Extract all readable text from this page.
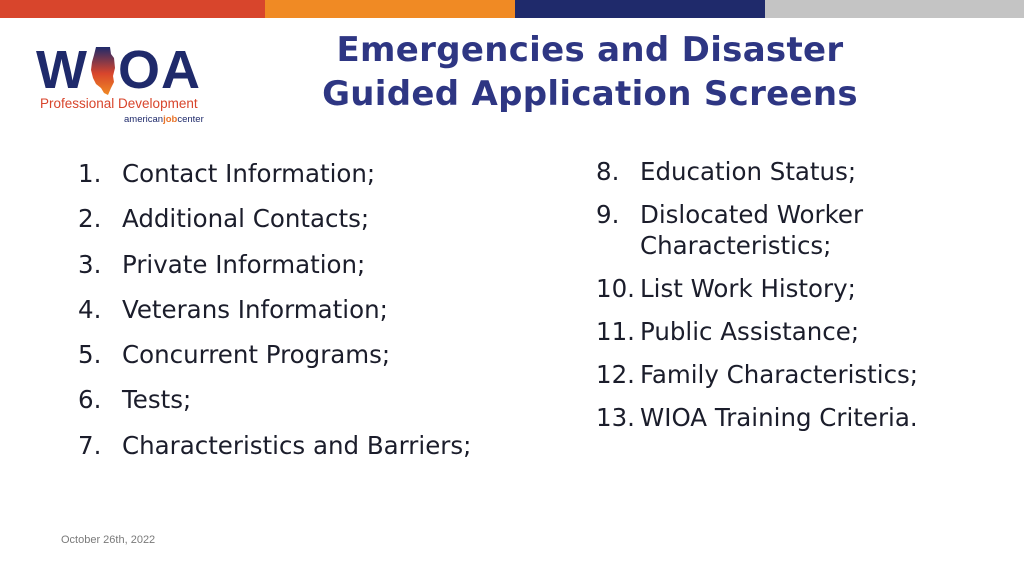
W OA
Professional Development
americanjobcenter
Emergencies and Disaster
Guided Application Screens
1. Contact Information;
2. Additional Contacts;
3. Private Information;
4. Veterans Information;
5. Concurrent Programs;
6. Tests;
7. Characteristics and Barriers;
8. Education Status;
9. Dislocated Worker Characteristics;
10. List Work History;
11. Public Assistance;
12. Family Characteristics;
13. WIOA Training Criteria.
October 26th, 2022
